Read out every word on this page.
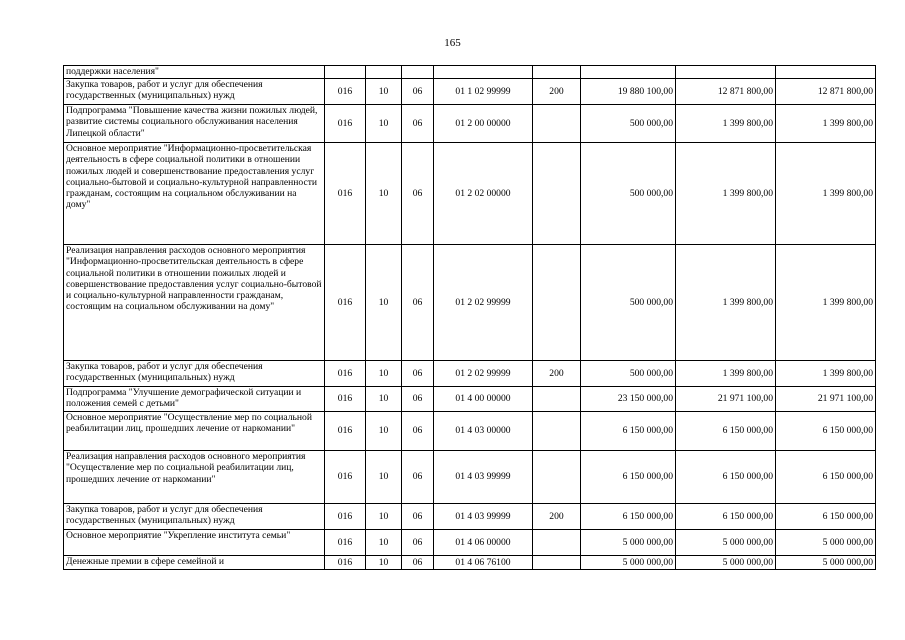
165
поддержки населения"								
Закупка товаров, работ и услуг для обеспечения государственных (муниципальных) нужд	016	10	06	01 1 02 99999	200	19 880 100,00	12 871 800,00	12 871 800,00
Подпрограмма "Повышение качества жизни пожилых людей, развитие системы социального обслуживания населения Липецкой области"	016	10	06	01 2 00 00000		500 000,00	1 399 800,00	1 399 800,00
Основное мероприятие "Информационно-просветительская деятельность в сфере социальной политики в отношении пожилых людей и совершенствование предоставления услуг социально-бытовой и социально-культурной направленности гражданам, состоящим на социальном обслуживании на дому"	016	10	06	01 2 02 00000		500 000,00	1 399 800,00	1 399 800,00
Реализация направления расходов основного мероприятия "Информационно-просветительская деятельность в сфере социальной политики в отношении пожилых людей и совершенствование предоставления услуг социально-бытовой и социально-культурной направленности гражданам, состоящим на социальном обслуживании на дому"	016	10	06	01 2 02 99999		500 000,00	1 399 800,00	1 399 800,00
Закупка товаров, работ и услуг для обеспечения государственных (муниципальных) нужд	016	10	06	01 2 02 99999	200	500 000,00	1 399 800,00	1 399 800,00
Подпрограмма "Улучшение демографической ситуации и положения семей с детьми"	016	10	06	01 4 00 00000		23 150 000,00	21 971 100,00	21 971 100,00
Основное мероприятие "Осуществление мер по социальной реабилитации лиц, прошедших лечение от наркомании"	016	10	06	01 4 03 00000		6 150 000,00	6 150 000,00	6 150 000,00
Реализация направления расходов основного мероприятия "Осуществление мер по социальной реабилитации лиц, прошедших лечение от наркомании"	016	10	06	01 4 03 99999		6 150 000,00	6 150 000,00	6 150 000,00
Закупка товаров, работ и услуг для обеспечения государственных (муниципальных) нужд	016	10	06	01 4 03 99999	200	6 150 000,00	6 150 000,00	6 150 000,00
Основное мероприятие "Укрепление института семьи"	016	10	06	01 4 06 00000		5 000 000,00	5 000 000,00	5 000 000,00
Денежные премии в сфере семейной и	016	10	06	01 4 06 76100		5 000 000,00	5 000 000,00	5 000 000,00
